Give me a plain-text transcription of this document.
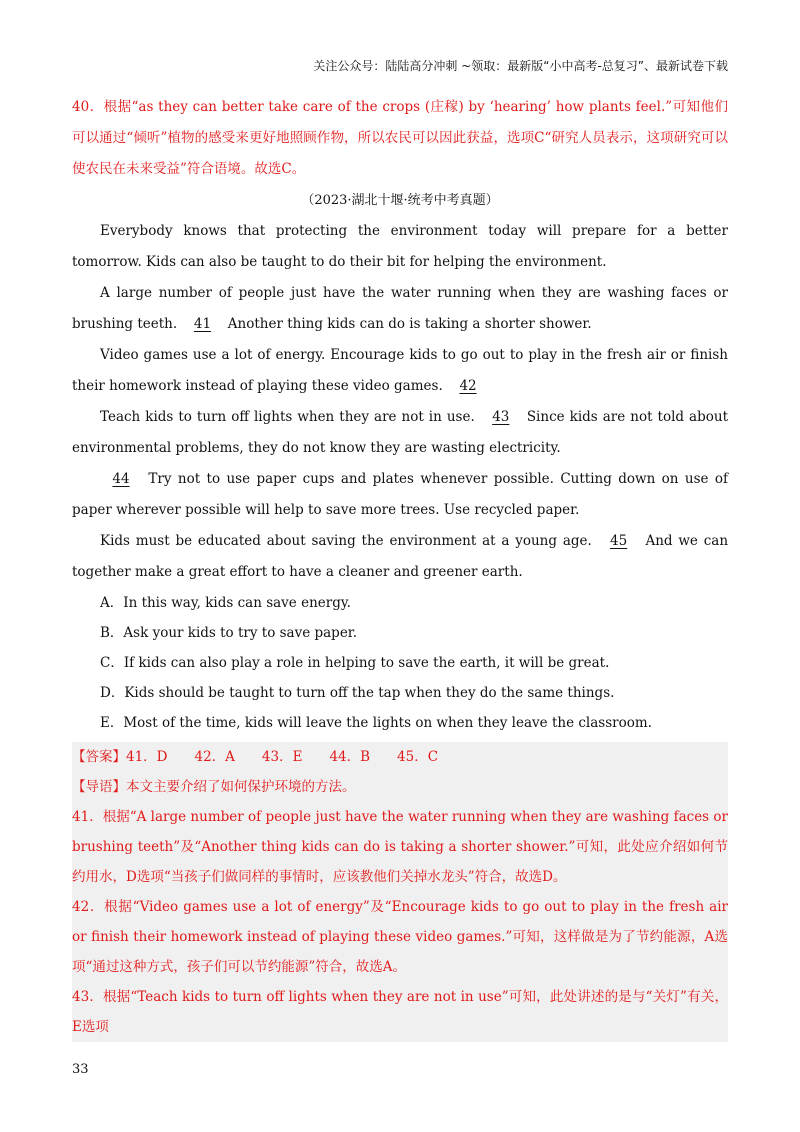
关注公众号：陆陆高分冲刺 ~领取：最新版“小中高考-总复习”、最新试卷下载

40．根据“as they can better take care of the crops (庄稼) by ‘hearing’ how plants feel.”可知他们可以通过“倾听”植物的感受来更好地照顾作物，所以农民可以因此获益，选项C“研究人员表示，这项研究可以使农民在未来受益”符合语境。故选C。

（2023·湖北十堰·统考中考真题）

Everybody knows that protecting the environment today will prepare for a better tomorrow. Kids can also be taught to do their bit for helping the environment.

A large number of people just have the water running when they are washing faces or brushing teeth. 41 Another thing kids can do is taking a shorter shower.

Video games use a lot of energy. Encourage kids to go out to play in the fresh air or finish their homework instead of playing these video games. 42

Teach kids to turn off lights when they are not in use. 43 Since kids are not told about environmental problems, they do not know they are wasting electricity.

44 Try not to use paper cups and plates whenever possible. Cutting down on use of paper wherever possible will help to save more trees. Use recycled paper.

Kids must be educated about saving the environment at a young age. 45 And we can together make a great effort to have a cleaner and greener earth.

A．In this way, kids can save energy.

B．Ask your kids to try to save paper.

C．If kids can also play a role in helping to save the earth, it will be great.

D．Kids should be taught to turn off the tap when they do the same things.

E．Most of the time, kids will leave the lights on when they leave the classroom.

【答案】41．D　　42．A　　43．E　　44．B　　45．C

【导语】本文主要介绍了如何保护环境的方法。

41．根据“A large number of people just have the water running when they are washing faces or brushing teeth”及“Another thing kids can do is taking a shorter shower.”可知，此处应介绍如何节约用水，D选项“当孩子们做同样的事情时，应该教他们关掉水龙头”符合，故选D。

42．根据“Video games use a lot of energy”及“Encourage kids to go out to play in the fresh air or finish their homework instead of playing these video games.”可知，这样做是为了节约能源，A选项“通过这种方式，孩子们可以节约能源”符合，故选A。

43．根据“Teach kids to turn off lights when they are not in use”可知，此处讲述的是与“关灯”有关，E选项

33
